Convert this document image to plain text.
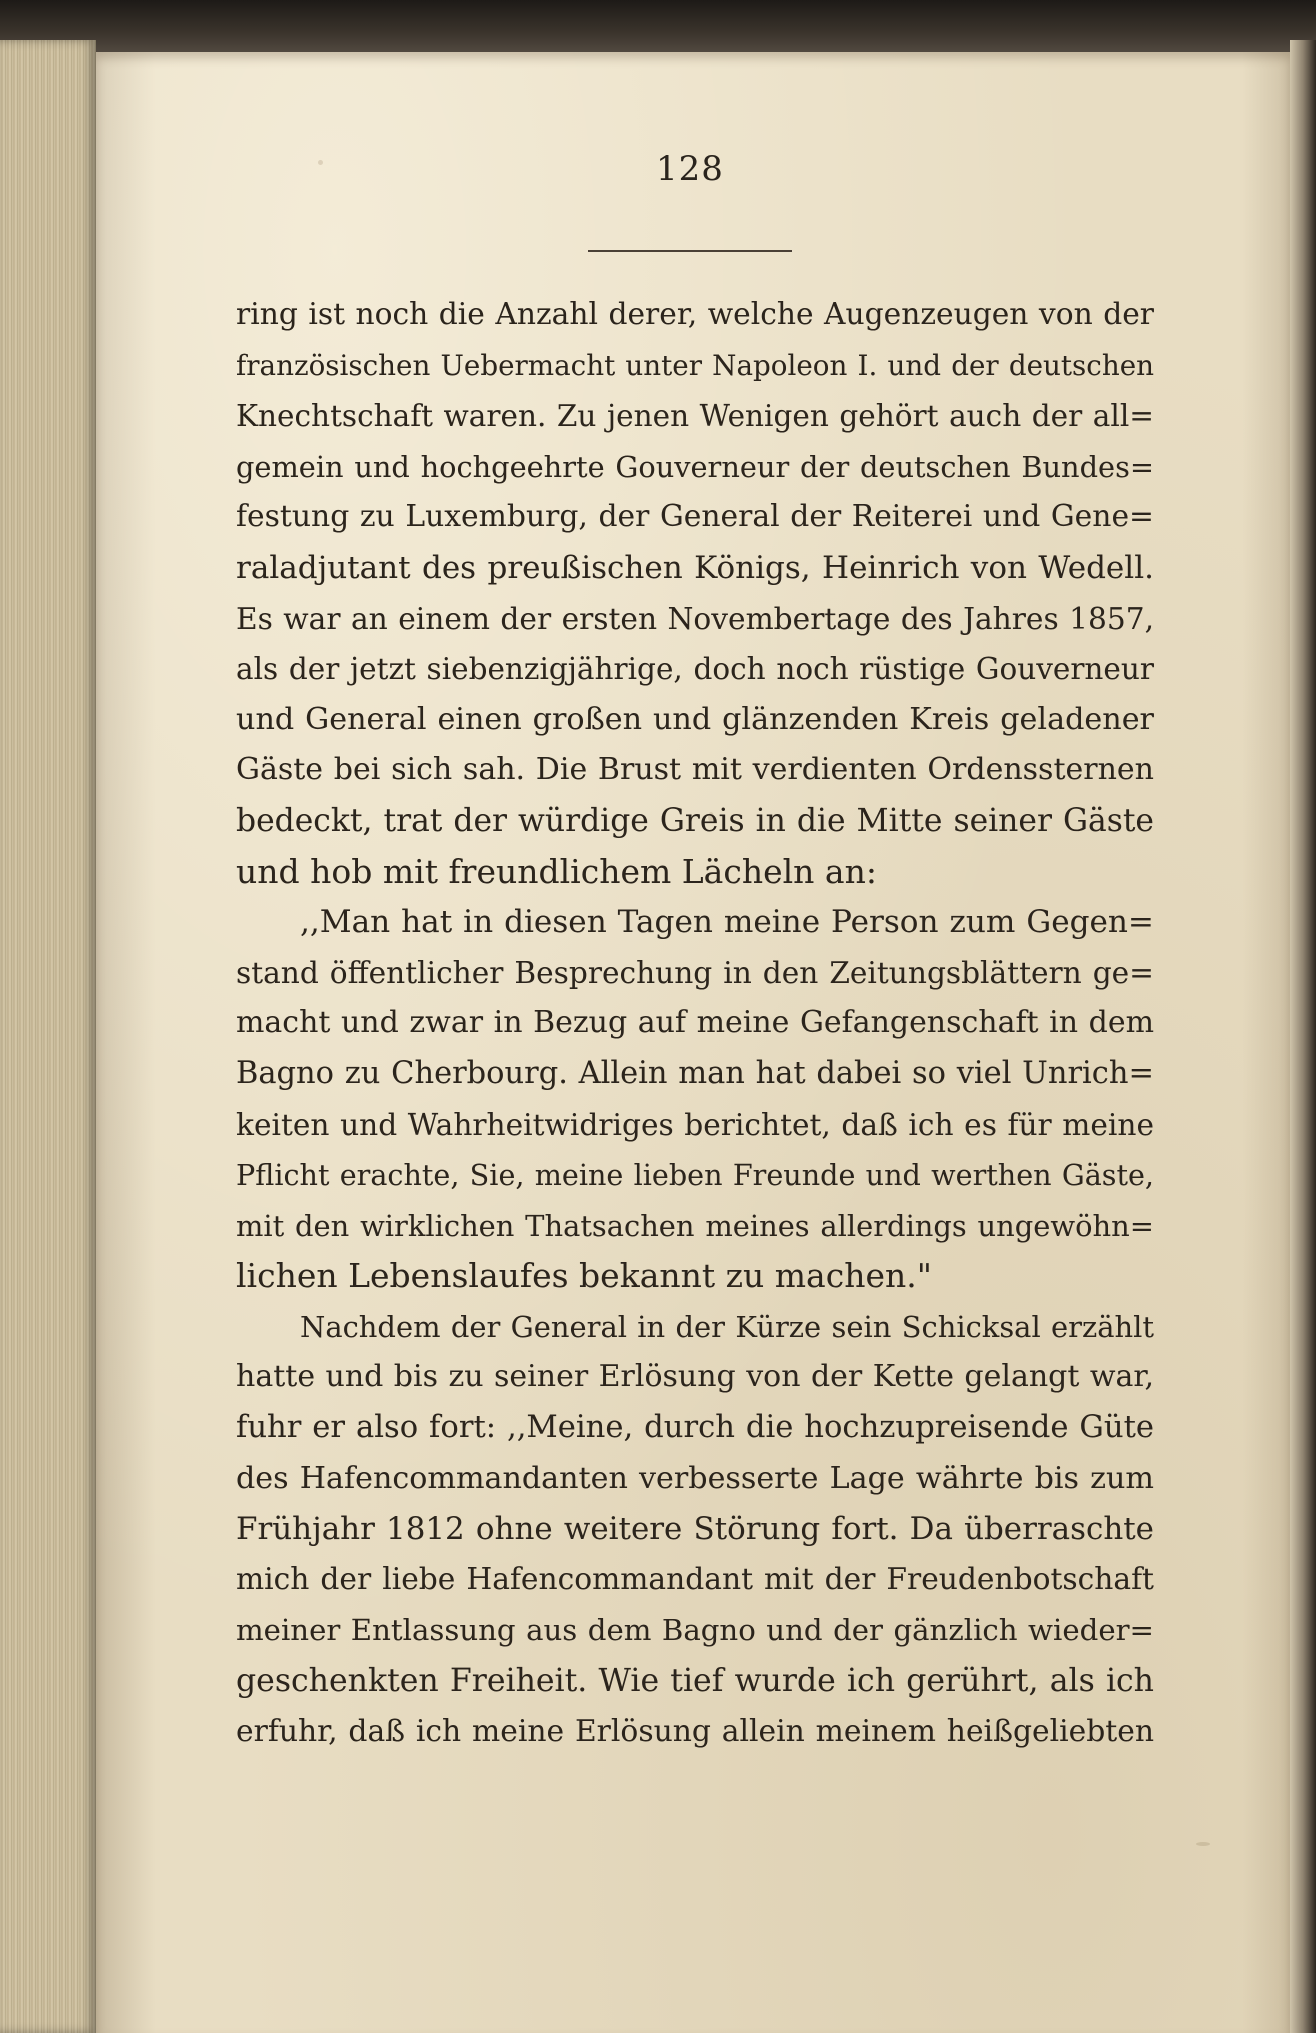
128
ring ist noch die Anzahl derer, welche Augenzeugen von der
französischen Uebermacht unter Napoleon I. und der deutschen
Knechtschaft waren. Zu jenen Wenigen gehört auch der all=
gemein und hochgeehrte Gouverneur der deutschen Bundes=
festung zu Luxemburg, der General der Reiterei und Gene=
raladjutant des preußischen Königs, Heinrich von Wedell.
Es war an einem der ersten Novembertage des Jahres 1857,
als der jetzt siebenzigjährige, doch noch rüstige Gouverneur
und General einen großen und glänzenden Kreis geladener
Gäste bei sich sah. Die Brust mit verdienten Ordenssternen
bedeckt, trat der würdige Greis in die Mitte seiner Gäste
und hob mit freundlichem Lächeln an:
,,Man hat in diesen Tagen meine Person zum Gegen=
stand öffentlicher Besprechung in den Zeitungsblättern ge=
macht und zwar in Bezug auf meine Gefangenschaft in dem
Bagno zu Cherbourg. Allein man hat dabei so viel Unrich=
keiten und Wahrheitwidriges berichtet, daß ich es für meine
Pflicht erachte, Sie, meine lieben Freunde und werthen Gäste,
mit den wirklichen Thatsachen meines allerdings ungewöhn=
lichen Lebenslaufes bekannt zu machen."
Nachdem der General in der Kürze sein Schicksal erzählt
hatte und bis zu seiner Erlösung von der Kette gelangt war,
fuhr er also fort: ,,Meine, durch die hochzupreisende Güte
des Hafencommandanten verbesserte Lage währte bis zum
Frühjahr 1812 ohne weitere Störung fort. Da überraschte
mich der liebe Hafencommandant mit der Freudenbotschaft
meiner Entlassung aus dem Bagno und der gänzlich wieder=
geschenkten Freiheit. Wie tief wurde ich gerührt, als ich
erfuhr, daß ich meine Erlösung allein meinem heißgeliebten
